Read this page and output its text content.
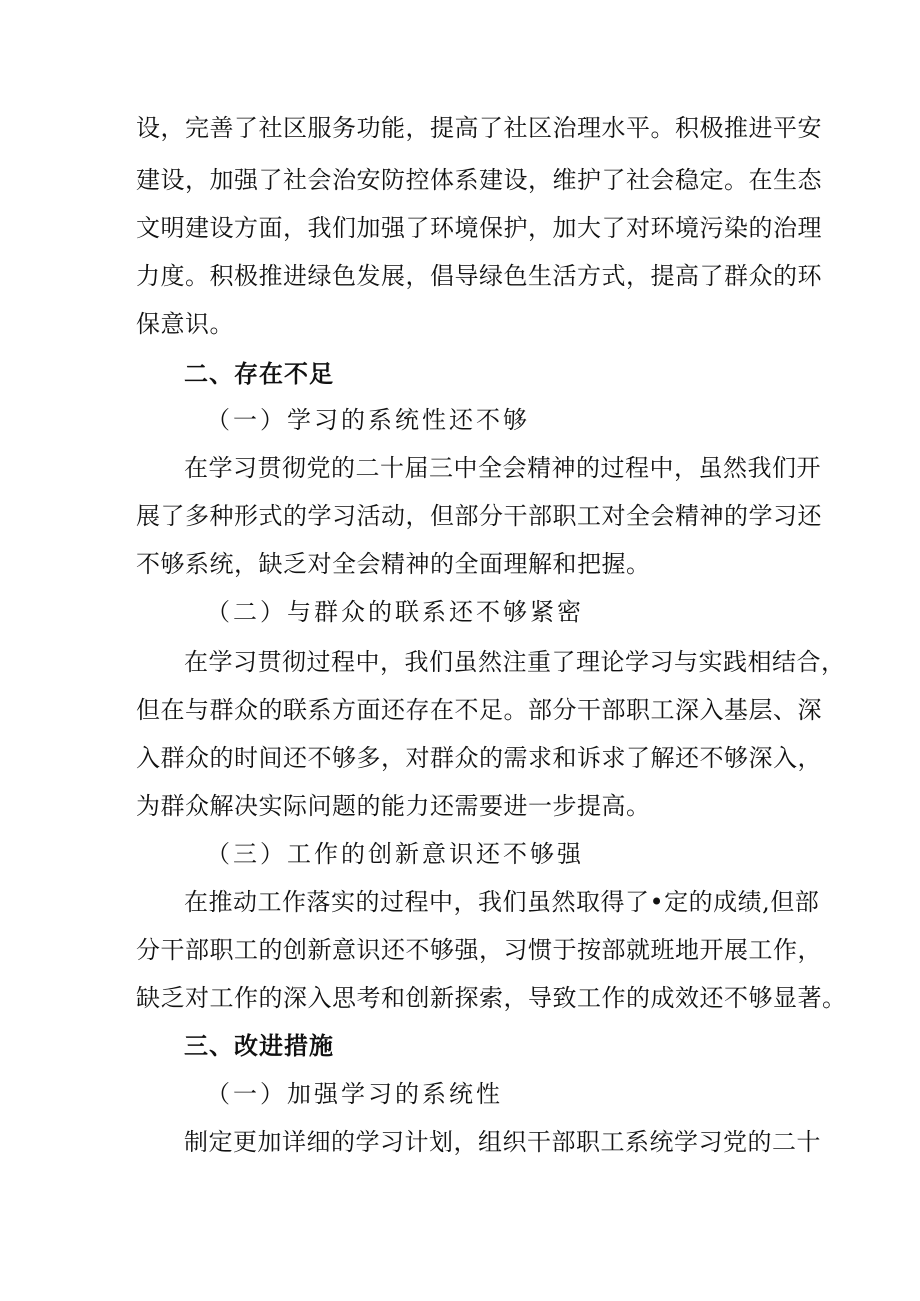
设，完善了社区服务功能，提高了社区治理水平。积极推进平安
建设，加强了社会治安防控体系建设，维护了社会稳定。在生态
文明建设方面，我们加强了环境保护，加大了对环境污染的治理
力度。积极推进绿色发展，倡导绿色生活方式，提高了群众的环
保意识。
二、存在不足
（一）学习的系统性还不够
在学习贯彻党的二十届三中全会精神的过程中，虽然我们开
展了多种形式的学习活动，但部分干部职工对全会精神的学习还
不够系统，缺乏对全会精神的全面理解和把握。
（二）与群众的联系还不够紧密
在学习贯彻过程中，我们虽然注重了理论学习与实践相结合，
但在与群众的联系方面还存在不足。部分干部职工深入基层、深
入群众的时间还不够多，对群众的需求和诉求了解还不够深入，
为群众解决实际问题的能力还需要进一步提高。
（三）工作的创新意识还不够强
在推动工作落实的过程中，我们虽然取得了•定的成绩,但部
分干部职工的创新意识还不够强，习惯于按部就班地开展工作，
缺乏对工作的深入思考和创新探索，导致工作的成效还不够显著。
三、改进措施
（一）加强学习的系统性
制定更加详细的学习计划，组织干部职工系统学习党的二十
